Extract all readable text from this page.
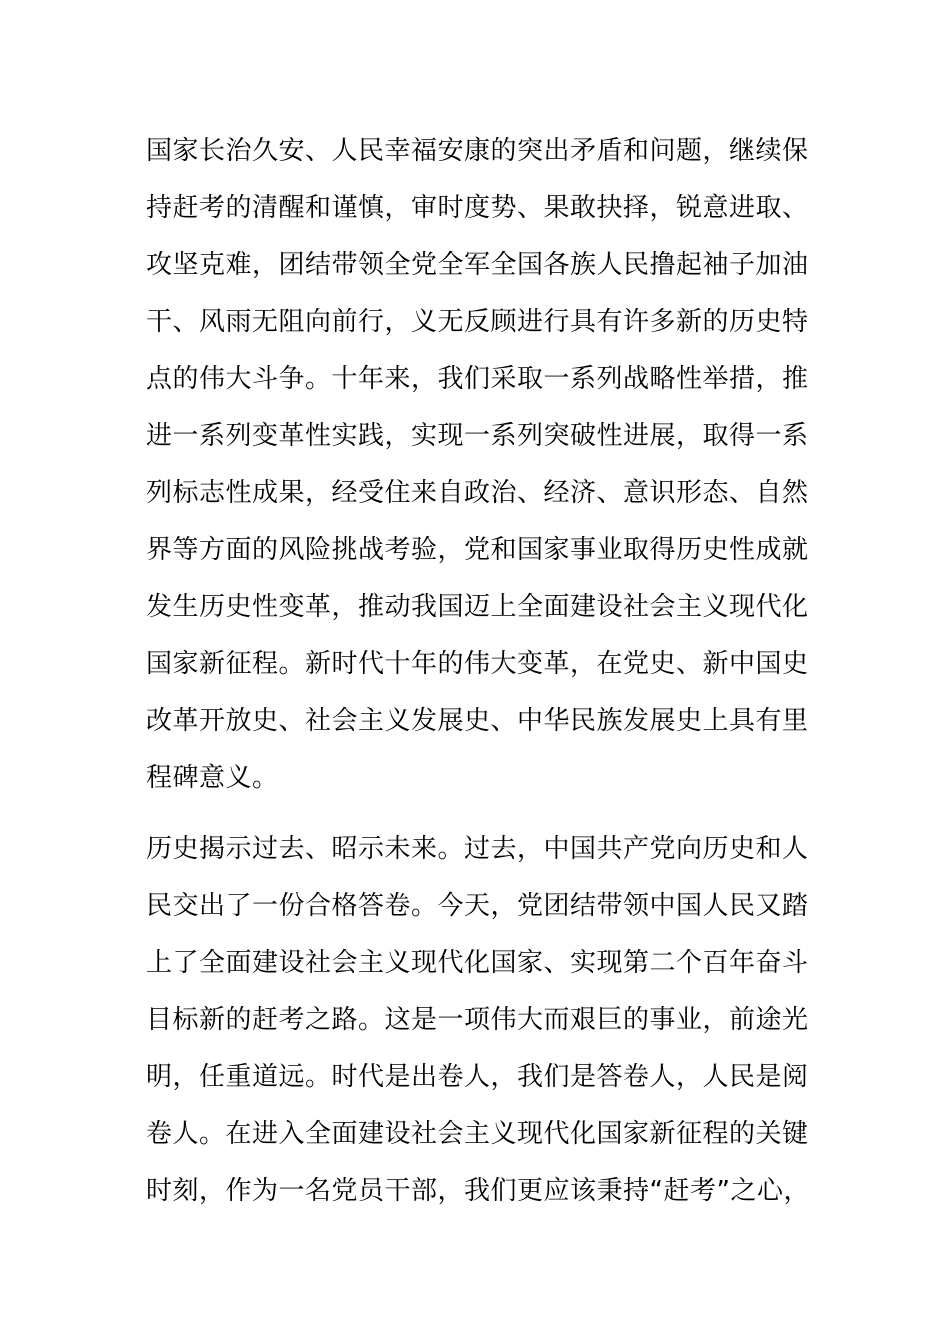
国家长治久安、人民幸福安康的突出矛盾和问题，继续保
持赶考的清醒和谨慎，审时度势、果敢抉择，锐意进取、
攻坚克难，团结带领全党全军全国各族人民撸起袖子加油
干、风雨无阻向前行，义无反顾进行具有许多新的历史特
点的伟大斗争。十年来，我们采取一系列战略性举措，推
进一系列变革性实践，实现一系列突破性进展，取得一系
列标志性成果，经受住来自政治、经济、意识形态、自然
界等方面的风险挑战考验，党和国家事业取得历史性成就
发生历史性变革，推动我国迈上全面建设社会主义现代化
国家新征程。新时代十年的伟大变革，在党史、新中国史
改革开放史、社会主义发展史、中华民族发展史上具有里
程碑意义。
历史揭示过去、昭示未来。过去，中国共产党向历史和人
民交出了一份合格答卷。今天，党团结带领中国人民又踏
上了全面建设社会主义现代化国家、实现第二个百年奋斗
目标新的赶考之路。这是一项伟大而艰巨的事业，前途光
明，任重道远。时代是出卷人，我们是答卷人，人民是阅
卷人。在进入全面建设社会主义现代化国家新征程的关键
时刻，作为一名党员干部，我们更应该秉持“赶考”之心，
